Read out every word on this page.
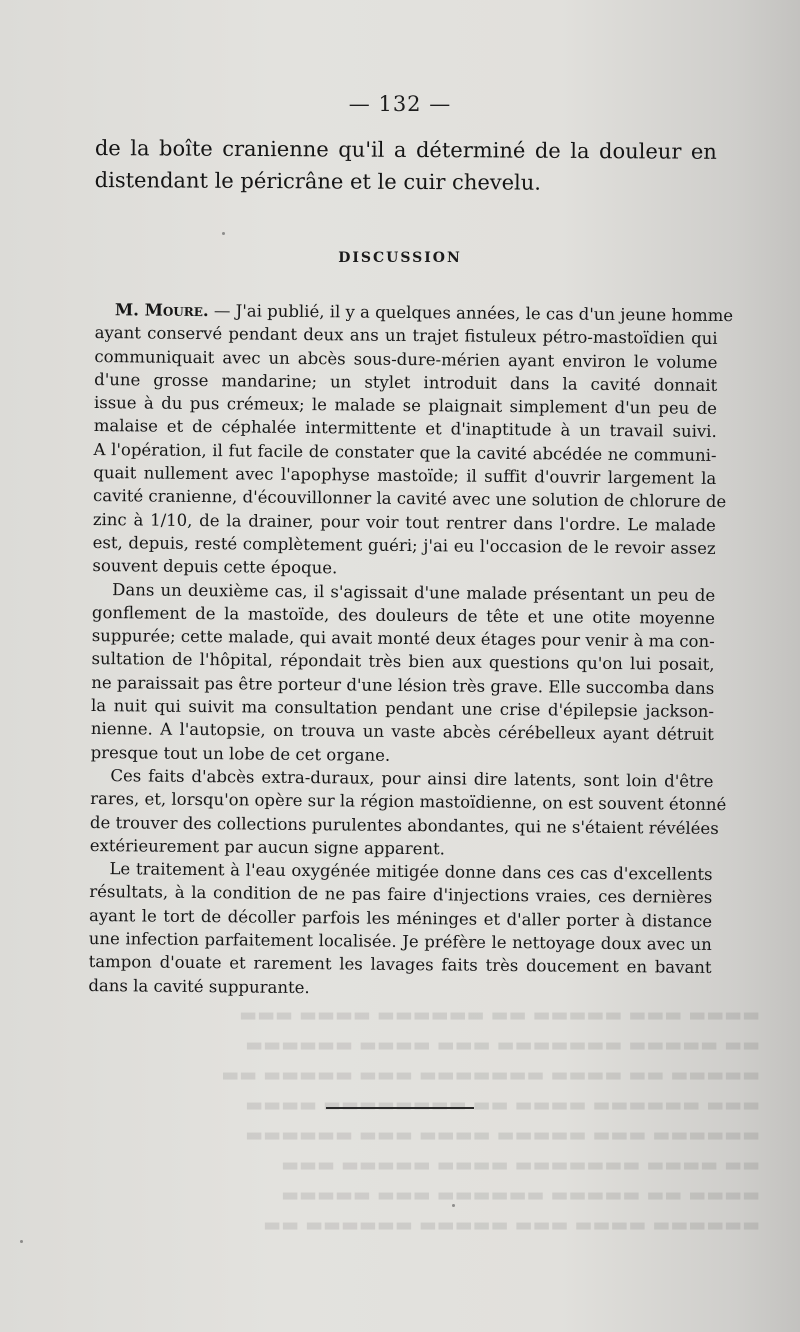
▬▬▬▬ ▬▬▬ ▬▬▬▬▬ ▬▬ ▬▬▬▬▬▬ ▬▬▬▬ ▬▬▬
▬▬ ▬▬▬▬▬ ▬▬▬▬▬▬▬ ▬▬▬ ▬▬▬▬ ▬▬▬▬▬▬
▬▬▬▬▬ ▬▬ ▬▬▬▬ ▬▬▬▬▬▬▬ ▬▬▬ ▬▬▬▬▬ ▬▬
▬▬▬ ▬▬▬▬▬▬ ▬▬▬▬ ▬▬ ▬▬▬▬▬▬▬▬ ▬▬▬▬
▬▬▬▬▬▬ ▬▬▬ ▬▬▬▬▬ ▬▬▬▬ ▬▬▬ ▬▬▬▬▬▬
▬▬ ▬▬▬▬ ▬▬▬▬▬▬▬ ▬▬▬▬ ▬▬▬▬▬ ▬▬▬
▬▬▬▬ ▬▬ ▬▬▬▬▬ ▬▬▬▬▬▬ ▬▬▬ ▬▬▬▬▬
▬▬▬▬▬▬ ▬▬▬▬ ▬▬▬ ▬▬▬▬▬ ▬▬▬▬▬▬ ▬▬
— 132 —
de la boîte cranienne qu'il a déterminé de la douleur en
distendant le péricrâne et le cuir chevelu.
DISCUSSION
M. Moure. — J'ai publié, il y a quelques années, le cas d'un jeune homme
ayant conservé pendant deux ans un trajet fistuleux pétro-mastoïdien qui
communiquait avec un abcès sous-dure-mérien ayant environ le volume
d'une grosse mandarine; un stylet introduit dans la cavité donnait
issue à du pus crémeux; le malade se plaignait simplement d'un peu de
malaise et de céphalée intermittente et d'inaptitude à un travail suivi.
A l'opération, il fut facile de constater que la cavité abcédée ne communi-
quait nullement avec l'apophyse mastoïde; il suffit d'ouvrir largement la
cavité cranienne, d'écouvillonner la cavité avec une solution de chlorure de
zinc à 1/10, de la drainer, pour voir tout rentrer dans l'ordre. Le malade
est, depuis, resté complètement guéri; j'ai eu l'occasion de le revoir assez
souvent depuis cette époque.
Dans un deuxième cas, il s'agissait d'une malade présentant un peu de
gonflement de la mastoïde, des douleurs de tête et une otite moyenne
suppurée; cette malade, qui avait monté deux étages pour venir à ma con-
sultation de l'hôpital, répondait très bien aux questions qu'on lui posait,
ne paraissait pas être porteur d'une lésion très grave. Elle succomba dans
la nuit qui suivit ma consultation pendant une crise d'épilepsie jackson-
nienne. A l'autopsie, on trouva un vaste abcès cérébelleux ayant détruit
presque tout un lobe de cet organe.
Ces faits d'abcès extra-duraux, pour ainsi dire latents, sont loin d'être
rares, et, lorsqu'on opère sur la région mastoïdienne, on est souvent étonné
de trouver des collections purulentes abondantes, qui ne s'étaient révélées
extérieurement par aucun signe apparent.
Le traitement à l'eau oxygénée mitigée donne dans ces cas d'excellents
résultats, à la condition de ne pas faire d'injections vraies, ces dernières
ayant le tort de décoller parfois les méninges et d'aller porter à distance
une infection parfaitement localisée. Je préfère le nettoyage doux avec un
tampon d'ouate et rarement les lavages faits très doucement en bavant
dans la cavité suppurante.
